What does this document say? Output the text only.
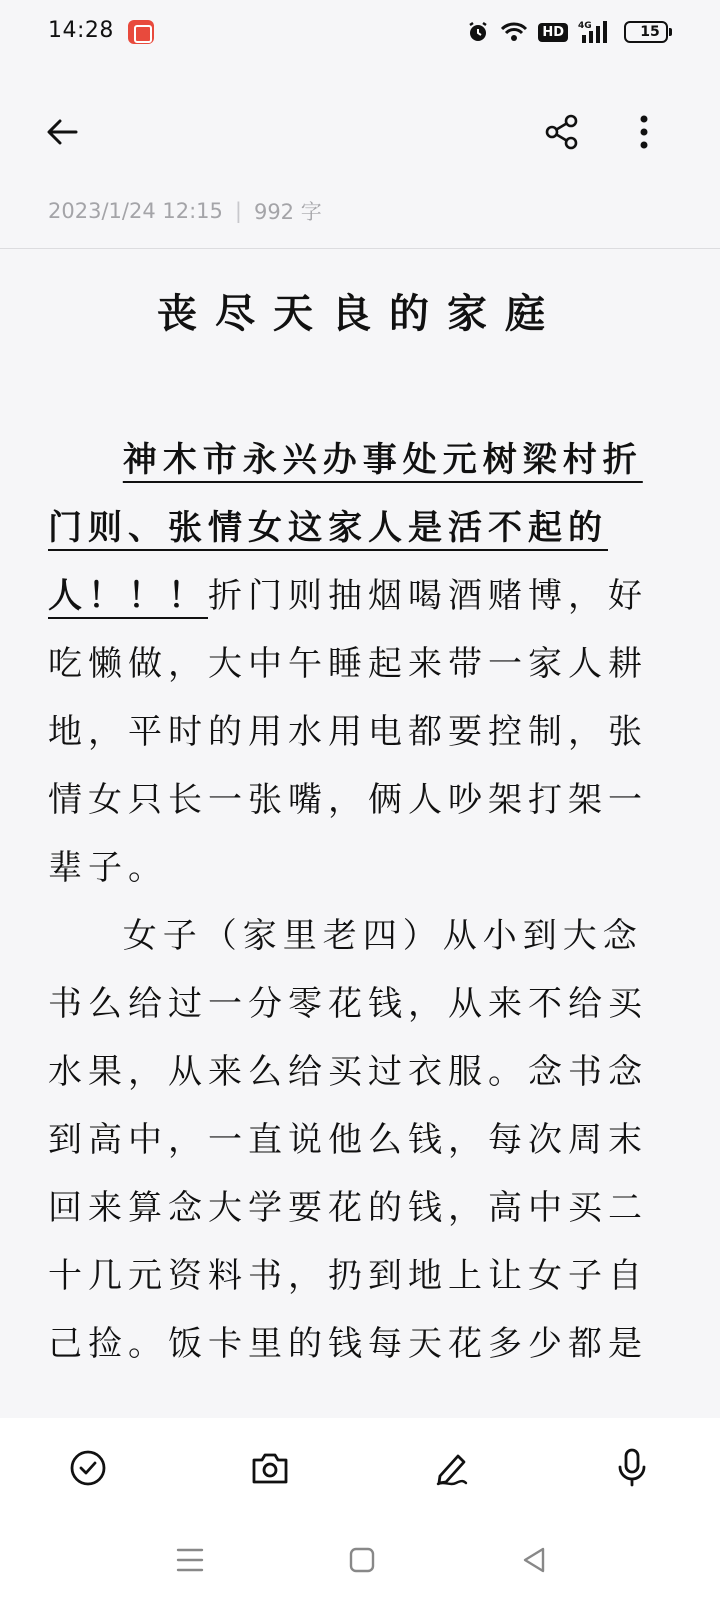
14:28	HD	4G	15
2023/1/24 12:15 | 992 字
丧尽天良的家庭

神木市永兴办事处元树梁村折门则、张情女这家人是活不起的人！！！折门则抽烟喝酒赌博，好吃懒做，大中午睡起来带一家人耕地，平时的用水用电都要控制，张情女只长一张嘴，俩人吵架打架一辈子。

女子（家里老四）从小到大念书么给过一分零花钱，从来不给买水果，从来么给买过衣服。念书念到高中，一直说他么钱，每次周末回来算念大学要花的钱，高中买二十几元资料书，扔到地上让女子自己捡。饭卡里的钱每天花多少都是
